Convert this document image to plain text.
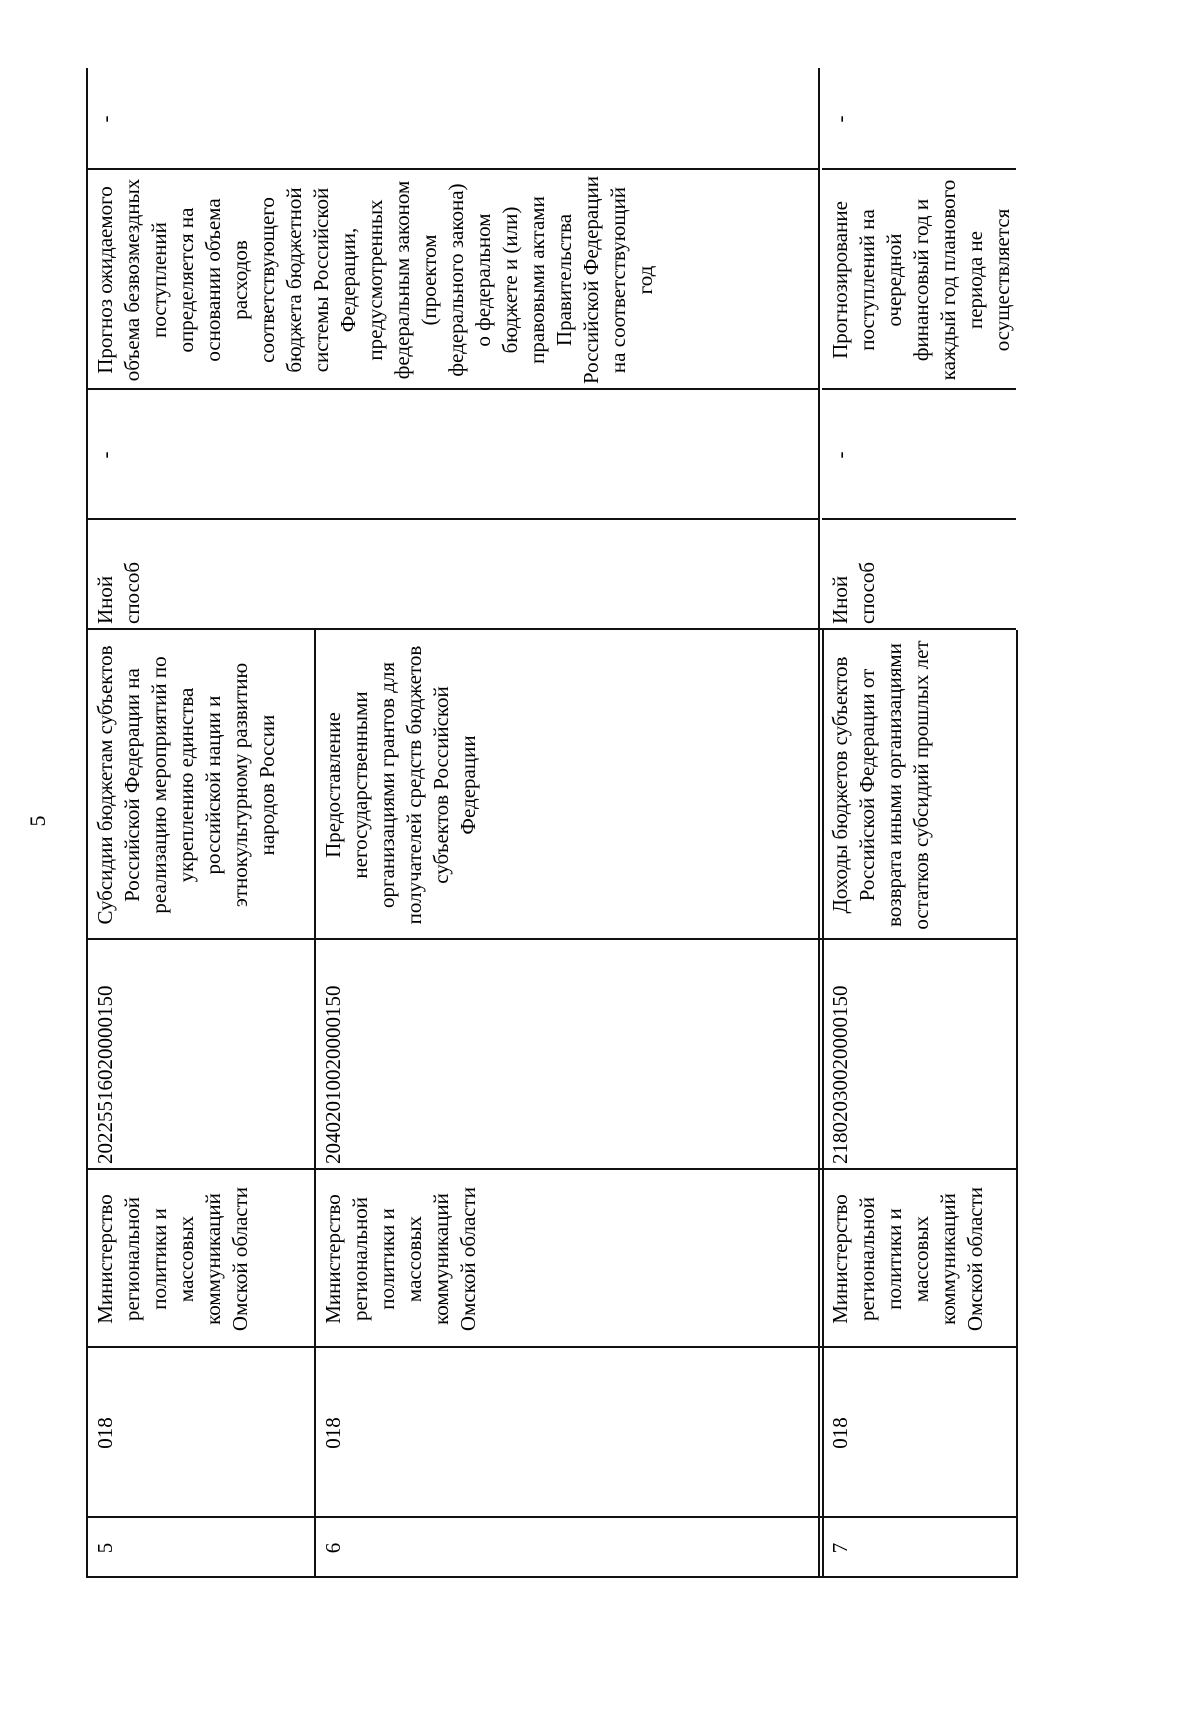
5
5
018
Министерство региональной политики и массовых коммуникаций Омской области
20225516020000150
Субсидии бюджетам субъектов Российской Федерации на реализацию мероприятий по укреплению единства российской нации и этнокультурному развитию народов России
Иной способ
-
Прогноз ожидаемого объема безвозмездных поступлений определяется на основании объема расходов соответствующего бюджета бюджетной системы Российской Федерации, предусмотренных федеральным законом (проектом федерального закона) о федеральном бюджете и (или) правовыми актами Правительства Российской Федерации на соответствующий год
-
6
018
Министерство региональной политики и массовых коммуникаций Омской области
20402010020000150
Предоставление негосударственными организациями грантов для получателей средств бюджетов субъектов Российской Федерации
7
018
Министерство региональной политики и массовых коммуникаций Омской области
21802030020000150
Доходы бюджетов субъектов Российской Федерации от возврата иными организациями остатков субсидий прошлых лет
Иной способ
-
Прогнозирование поступлений на очередной финансовый год и каждый год планового периода не осуществляется
-
